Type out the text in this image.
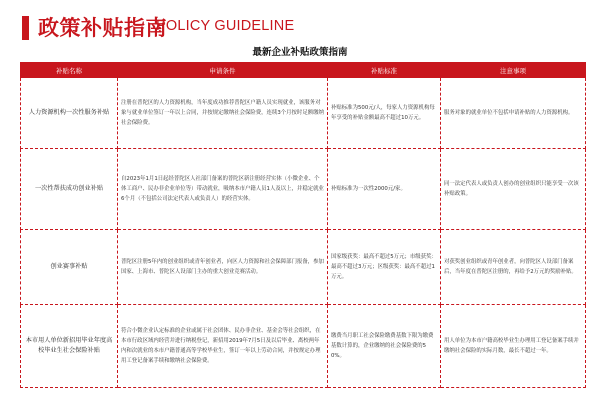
政策补贴指南
POLICY GUIDELINE
最新企业补贴政策指南
补贴名称	申请条件	补贴标准	注意事项
人力资源机构一次性服务补贴	注册在普陀区的人力资源机构，当年度成功推荐普陀区户籍人员实现就业，该服务对象与就业单位签订一年以上合同，并按规定缴纳社会保险费，连续3个月按时足额缴纳社会保险费。	补贴标准为500元/人，每家人力资源机构每年享受的补贴金额最高不超过10万元。	服务对象的就业单位不包括申请补贴的人力资源机构。
一次性帮扶成功创业补贴	自2023年1月1日起经普陀区人社部门备案的普陀区新注册经营实体（小微企业、个体工商户、民办非企业单位等）带动就业，吸纳本市户籍人员1人及以上，并稳定就业6个月（不包括公司法定代表人或负责人）的经营实体。	补贴标准为一次性2000元/家。	同一法定代表人或负责人创办的创业组织只能享受一次该补贴政策。
创业赛事补贴	普陀区注册5年内的创业组织或青年创业者，向区人力资源和社会保障部门报备，参加国家、上海市、普陀区人设部门主办的重大创业竞赛活动。	国家级获奖：最高不超过5万元；市级获奖：最高不超过3万元；区级获奖：最高不超过1万元。	对获奖创业组织或青年创业者，向普陀区人设部门备案后，当年度在普陀区注册的，再给予2万元的奖励补贴。
本市用人单位新招用毕业年度高校毕业生社会保险补贴	符合小微企业认定标准的企业或属于社会团体、民办非企业、基金会等社会组织，在本市行政区域内经营并进行纳税登记，新招用2019年7月5日及以后毕业、离校两年内和次就业的本市户籍普通高等学校毕业生，签订一年以上劳动合同，并按规定办理用工登记备案手续和缴纳社会保险费。	缴费当月职工社会保险缴费基数下限为缴费基数计算的，企业缴纳的社会保险费的50%。	用人单位为本市户籍高校毕业生办理用工登记备案手续并缴纳社会保险的实际月数，最长不超过一年。
